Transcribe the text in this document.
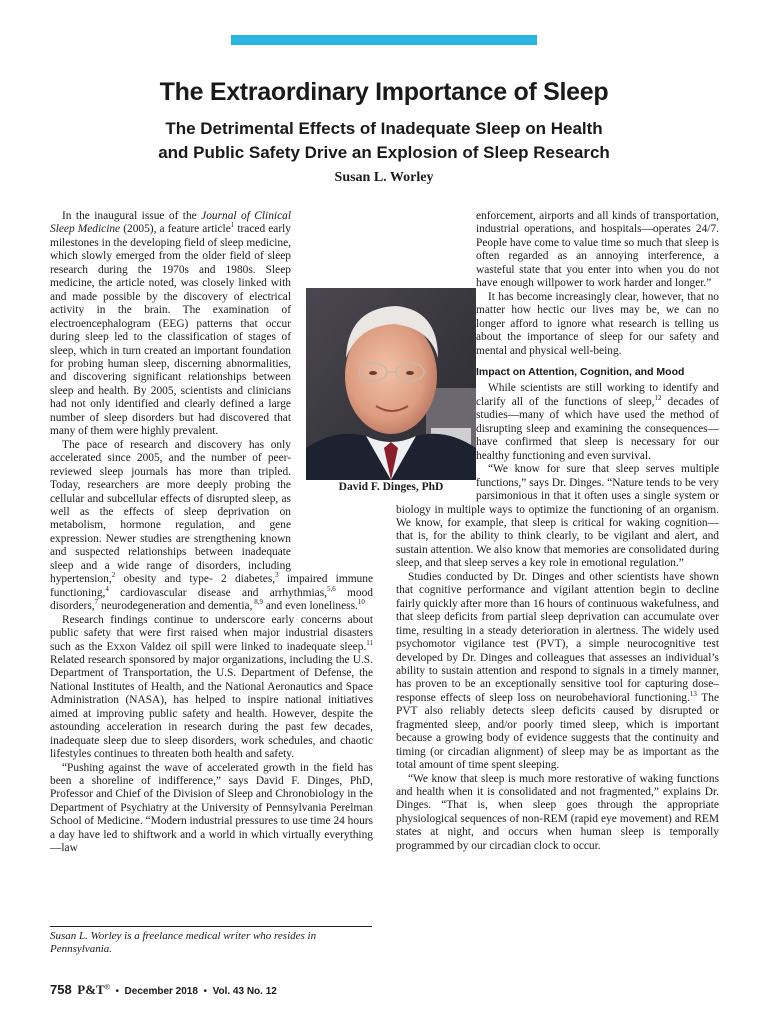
The Extraordinary Importance of Sleep
The Detrimental Effects of Inadequate Sleep on Health
and Public Safety Drive an Explosion of Sleep Research
Susan L. Worley

In the inaugural issue of the Journal of Clinical Sleep Medicine (2005), a feature article$^1$ traced early milestones in the developing field of sleep medicine, which slowly emerged from the older field of sleep research during the 1970s and 1980s. Sleep medicine, the article noted, was closely linked with and made possible by the discovery of electrical activity in the brain. The examination of electroencephalogram (EEG) patterns that occur during sleep led to the classification of stages of sleep, which in turn created an important foundation for probing human sleep, discerning abnormalities, and discovering significant relationships between sleep and health. By 2005, scientists and clinicians had not only identified and clearly defined a large number of sleep disorders but had discovered that many of them were highly prevalent.

The pace of research and discovery has only accelerated since 2005, and the number of peer-reviewed sleep journals has more than tripled. Today, researchers are more deeply probing the cellular and subcellular effects of disrupted sleep, as well as the effects of sleep deprivation on metabolism, hormone regulation, and gene expression. Newer studies are strengthening known and suspected relationships between inadequate sleep and a wide range of disorders, including hypertension,$^2$ obesity and type- 2 diabetes,$^3$ impaired immune functioning,$^4$ cardiovascular disease and arrhythmias,$^{5,6}$ mood disorders,$^7$ neurodegeneration and dementia, $^{8,9}$ and even loneliness.$^{10}$

Research findings continue to underscore early concerns about public safety that were first raised when major industrial disasters such as the Exxon Valdez oil spill were linked to inadequate sleep.$^{11}$ Related research sponsored by major organizations, including the U.S. Department of Transportation, the U.S. Department of Defense, the National Institutes of Health, and the National Aeronautics and Space Administration (NASA), has helped to inspire national initiatives aimed at improving public safety and health. However, despite the astounding acceleration in research during the past few decades, inadequate sleep due to sleep disorders, work schedules, and chaotic lifestyles continues to threaten both health and safety.

“Pushing against the wave of accelerated growth in the field has been a shoreline of indifference,” says David F. Dinges, PhD, Professor and Chief of the Division of Sleep and Chronobiology in the Department of Psychiatry at the University of Pennsylvania Perelman School of Medicine. “Modern industrial pressures to use time 24 hours a day have led to shiftwork and a world in which virtually everything—law

enforcement, airports and all kinds of transportation, industrial operations, and hospitals—operates 24/7. People have come to value time so much that sleep is often regarded as an annoying interference, a wasteful state that you enter into when you do not have enough willpower to work harder and longer.”

It has become increasingly clear, however, that no matter how hectic our lives may be, we can no longer afford to ignore what research is telling us about the importance of sleep for our safety and mental and physical well-being.

Impact on Attention, Cognition, and Mood

While scientists are still working to identify and clarify all of the functions of sleep,$^{12}$ decades of studies—many of which have used the method of disrupting sleep and examining the consequences—have confirmed that sleep is necessary for our healthy functioning and even survival.

“We know for sure that sleep serves multiple functions,” says Dr. Dinges. “Nature tends to be very parsimonious in that it often uses a single system or biology in multiple ways to optimize the functioning of an organism. We know, for example, that sleep is critical for waking cognition—that is, for the ability to think clearly, to be vigilant and alert, and sustain attention. We also know that memories are consolidated during sleep, and that sleep serves a key role in emotional regulation.”

Studies conducted by Dr. Dinges and other scientists have shown that cognitive performance and vigilant attention begin to decline fairly quickly after more than 16 hours of continuous wakefulness, and that sleep deficits from partial sleep deprivation can accumulate over time, resulting in a steady deterioration in alertness. The widely used psychomotor vigilance test (PVT), a simple neurocognitive test developed by Dr. Dinges and colleagues that assesses an individual’s ability to sustain attention and respond to signals in a timely manner, has proven to be an exceptionally sensitive tool for capturing dose–response effects of sleep loss on neurobehavioral functioning.$^{13}$ The PVT also reliably detects sleep deficits caused by disrupted or fragmented sleep, and/or poorly timed sleep, which is important because a growing body of evidence suggests that the continuity and timing (or circadian alignment) of sleep may be as important as the total amount of time spent sleeping.

“We know that sleep is much more restorative of waking functions and health when it is consolidated and not fragmented,” explains Dr. Dinges. “That is, when sleep goes through the appropriate physiological sequences of non-REM (rapid eye movement) and REM states at night, and occurs when human sleep is temporally programmed by our circadian clock to occur.

David F. Dinges, PhD
Susan L. Worley is a freelance medical writer who resides in Pennsylvania.
758 P&T® • December 2018 • Vol. 43 No. 12
